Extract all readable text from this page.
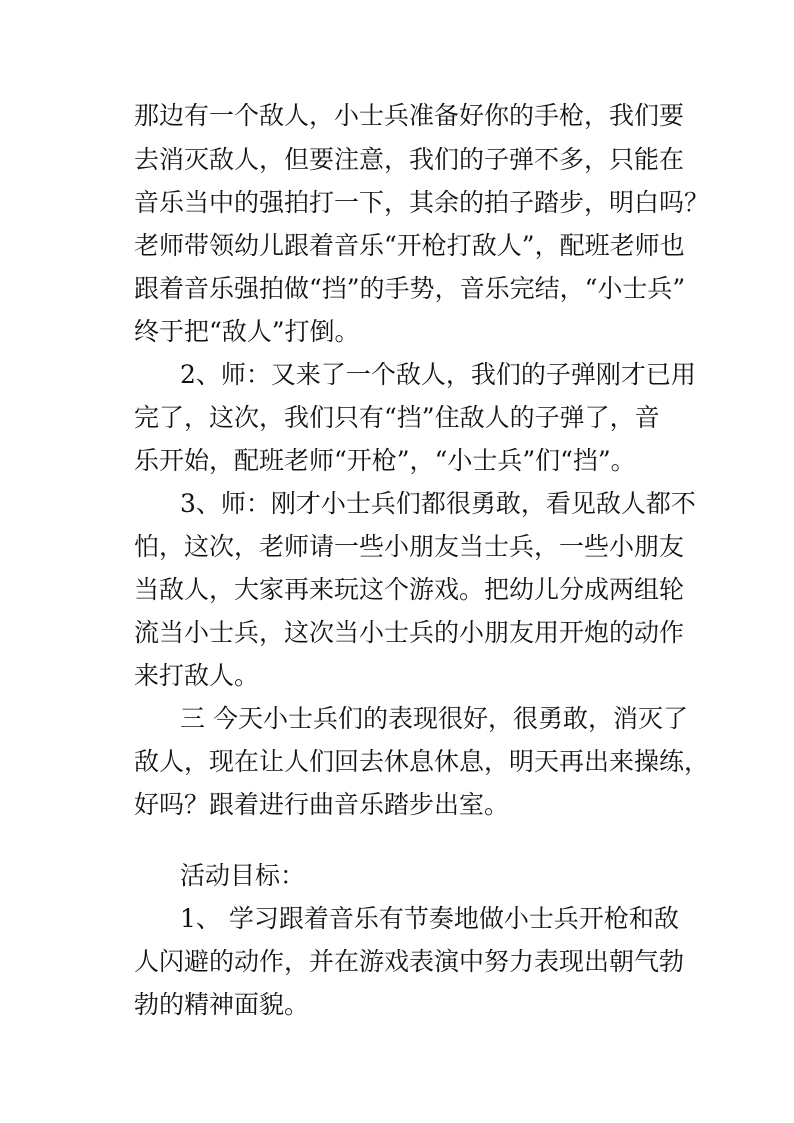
那边有一个敌人，小士兵准备好你的手枪，我们要
去消灭敌人，但要注意，我们的子弹不多，只能在
音乐当中的强拍打一下，其余的拍子踏步，明白吗？
老师带领幼儿跟着音乐“开枪打敌人”，配班老师也
跟着音乐强拍做“挡”的手势，音乐完结，“小士兵”
终于把“敌人”打倒。
2、师：又来了一个敌人，我们的子弹刚才已用
完了，这次，我们只有“挡”住敌人的子弹了，音
乐开始，配班老师“开枪”，“小士兵”们“挡”。
3、师：刚才小士兵们都很勇敢，看见敌人都不
怕，这次，老师请一些小朋友当士兵，一些小朋友
当敌人，大家再来玩这个游戏。把幼儿分成两组轮
流当小士兵，这次当小士兵的小朋友用开炮的动作
来打敌人。
三 今天小士兵们的表现很好，很勇敢，消灭了
敌人，现在让人们回去休息休息，明天再出来操练，
好吗？跟着进行曲音乐踏步出室。
活动目标：
1、 学习跟着音乐有节奏地做小士兵开枪和敌
人闪避的动作，并在游戏表演中努力表现出朝气勃
勃的精神面貌。
